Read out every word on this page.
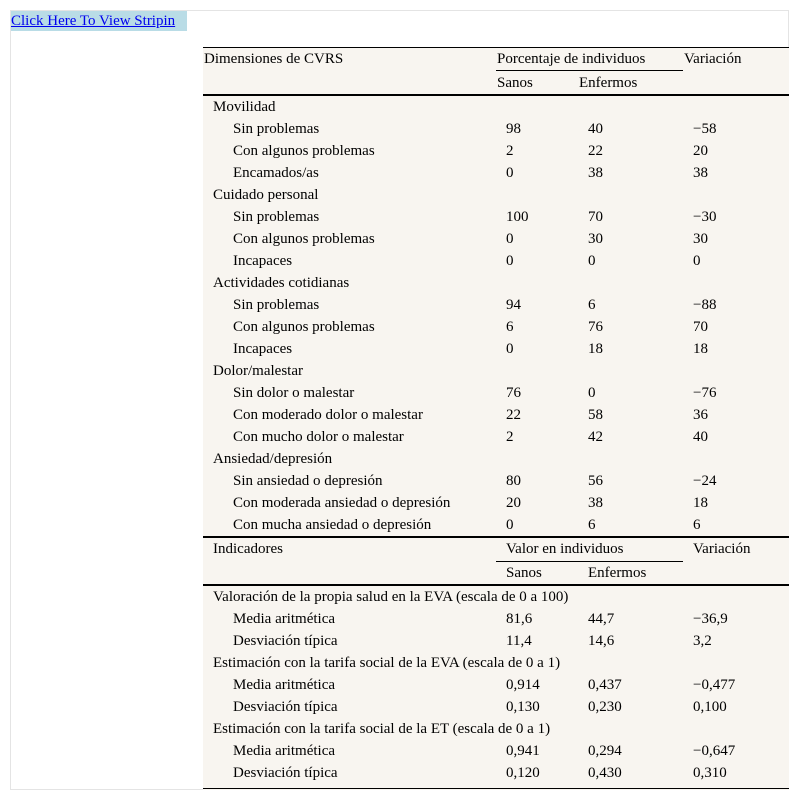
Click Here To View Stripin
Dimensiones de CVRS	Porcentaje de individuos	Variación
Sanos	Enfermos
Movilidad
Sin problemas	98	40	−58
Con algunos problemas	2	22	20
Encamados/as	0	38	38
Cuidado personal
Sin problemas	100	70	−30
Con algunos problemas	0	30	30
Incapaces	0	0	0
Actividades cotidianas
Sin problemas	94	6	−88
Con algunos problemas	6	76	70
Incapaces	0	18	18
Dolor/malestar
Sin dolor o malestar	76	0	−76
Con moderado dolor o malestar	22	58	36
Con mucho dolor o malestar	2	42	40
Ansiedad/depresión
Sin ansiedad o depresión	80	56	−24
Con moderada ansiedad o depresión	20	38	18
Con mucha ansiedad o depresión	0	6	6
Indicadores	Valor en individuos	Variación
Sanos	Enfermos
Valoración de la propia salud en la EVA (escala de 0 a 100)
Media aritmética	81,6	44,7	−36,9
Desviación típica	11,4	14,6	3,2
Estimación con la tarifa social de la EVA (escala de 0 a 1)
Media aritmética	0,914	0,437	−0,477
Desviación típica	0,130	0,230	0,100
Estimación con la tarifa social de la ET (escala de 0 a 1)
Media aritmética	0,941	0,294	−0,647
Desviación típica	0,120	0,430	0,310
